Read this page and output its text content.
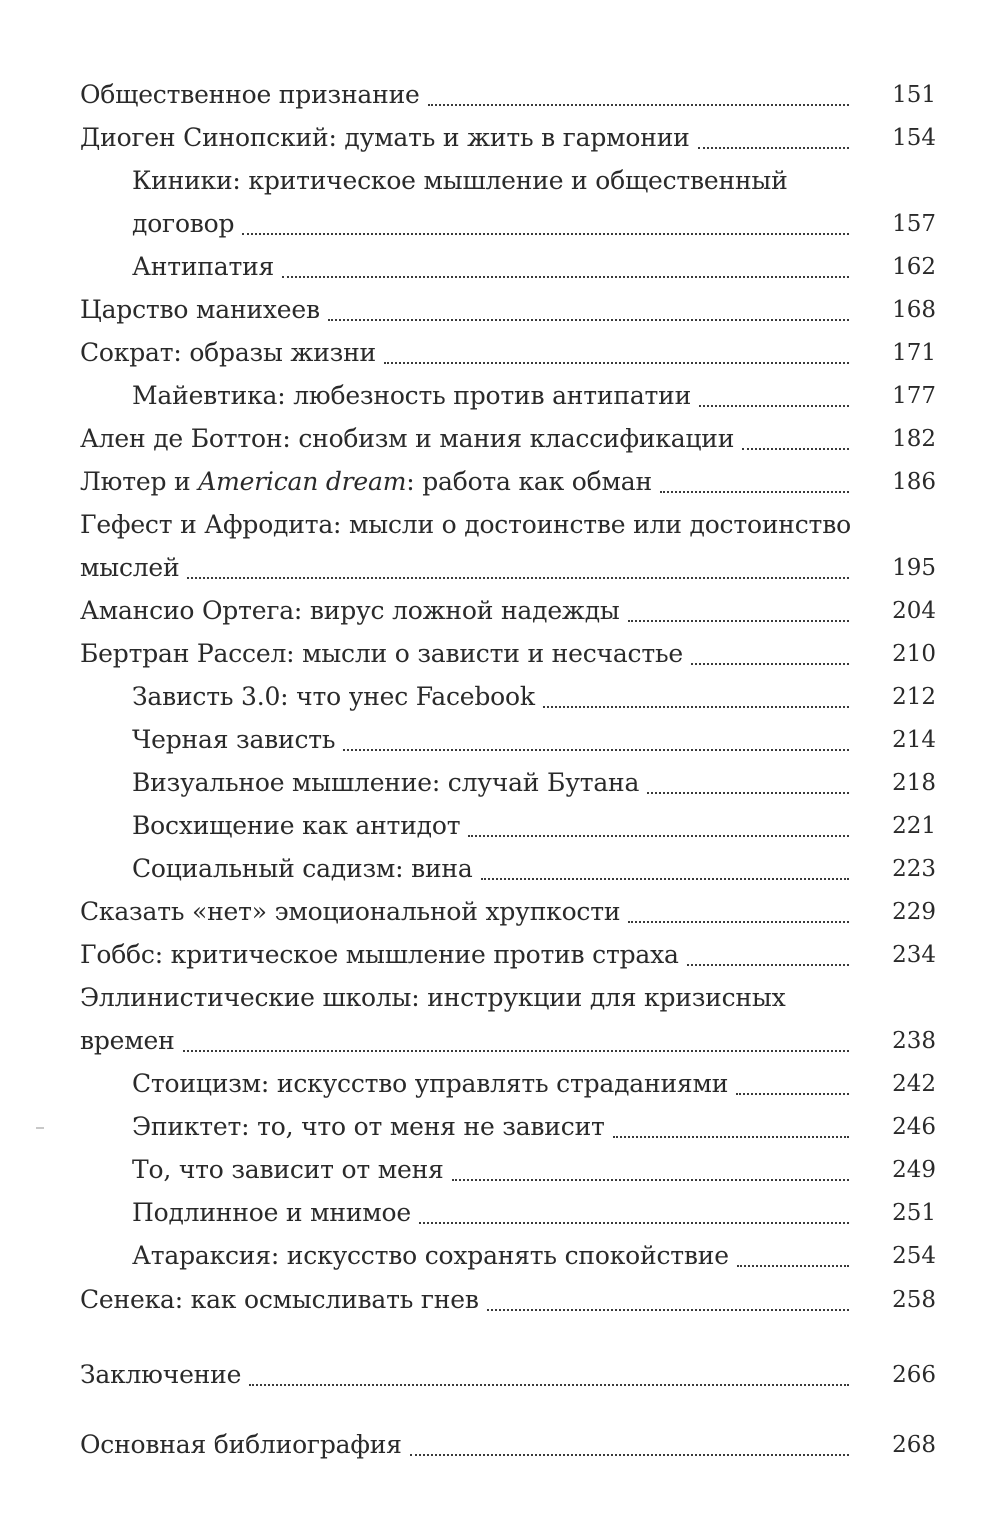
Общественное признание	151
Диоген Синопский: думать и жить в гармонии	154
Киники: критическое мышление и общественный
договор	157
Антипатия	162
Царство манихеев	168
Сократ: образы жизни	171
Майевтика: любезность против антипатии	177
Ален де Боттон: снобизм и мания классификации	182
Лютер и American dream: работа как обман	186
Гефест и Афродита: мысли о достоинстве или достоинство
мыслей	195
Амансио Ортега: вирус ложной надежды	204
Бертран Рассел: мысли о зависти и несчастье	210
Зависть 3.0: что унес Facebook	212
Черная зависть	214
Визуальное мышление: случай Бутана	218
Восхищение как антидот	221
Социальный садизм: вина	223
Сказать «нет» эмоциональной хрупкости	229
Гоббс: критическое мышление против страха	234
Эллинистические школы: инструкции для кризисных
времен	238
Стоицизм: искусство управлять страданиями	242
Эпиктет: то, что от меня не зависит	246
То, что зависит от меня	249
Подлинное и мнимое	251
Атараксия: искусство сохранять спокойствие	254
Сенека: как осмысливать гнев	258
Заключение	266
Основная библиография	268
